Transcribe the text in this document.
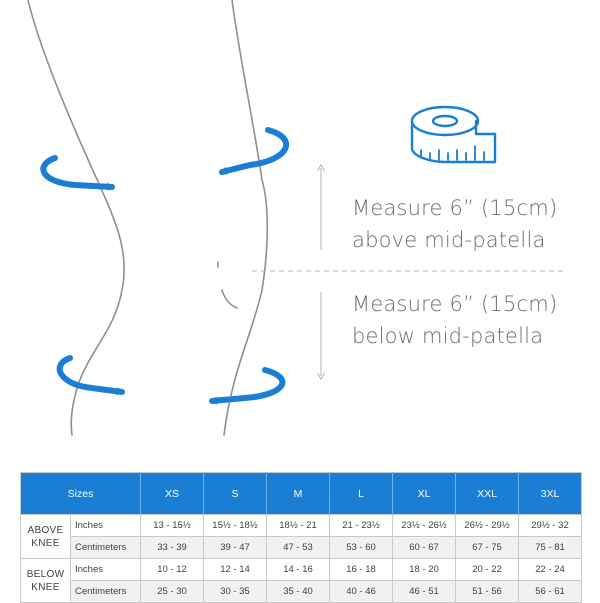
Measure 6” (15cm)
above mid-patella
Measure 6” (15cm)
below mid-patella
Sizes		XS	S	M	L	XL	XXL	3XL
ABOVE
KNEE	Inches	13 - 15½	15½ - 18½	18½ - 21	21 - 23½	23½ - 26½	26½ - 29½	29½ - 32
	Centimeters	33 - 39	39 - 47	47 - 53	53 - 60	60 - 67	67 - 75	75 - 81
BELOW
KNEE	Inches	10 - 12	12 - 14	14 - 16	16 - 18	18 - 20	20 - 22	22 - 24
	Centimeters	25 - 30	30 - 35	35 - 40	40 - 46	46 - 51	51 - 56	56 - 61
